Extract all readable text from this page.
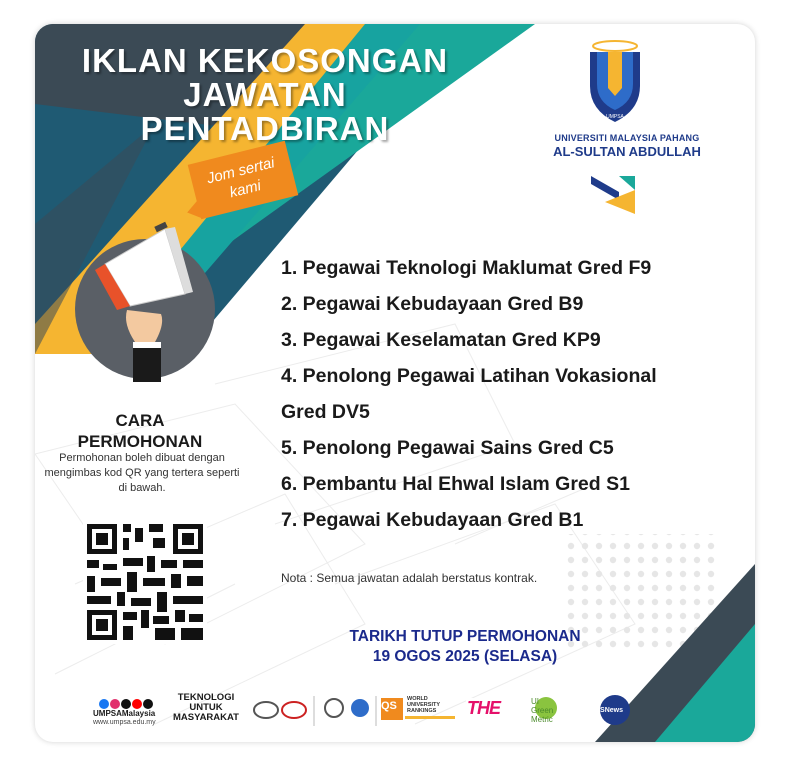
UMPSA
IKLAN KEKOSONGAN
JAWATAN
PENTADBIRAN
Jom sertai kami
UNIVERSITI MALAYSIA PAHANG
AL-SULTAN ABDULLAH
1. Pegawai Teknologi Maklumat Gred F9
2. Pegawai Kebudayaan Gred B9
3. Pegawai Keselamatan Gred KP9
4. Penolong Pegawai Latihan Vokasional
Gred DV5
5. Penolong Pegawai Sains Gred C5
6. Pembantu Hal Ehwal Islam Gred S1
7. Pegawai Kebudayaan Gred B1
CARA
PERMOHONAN
Permohonan boleh dibuat dengan mengimbas kod QR yang tertera seperti di bawah.
Nota : Semua jawatan adalah berstatus kontrak.
TARIKH TUTUP PERMOHONAN
19 OGOS 2025 (SELASA)
UMPSAMalaysia
www.umpsa.edu.my
TEKNOLOGI
UNTUK
MASYARAKAT
QS
WORLD
UNIVERSITY
RANKINGS THE	UI
Green
Metric
USNews
